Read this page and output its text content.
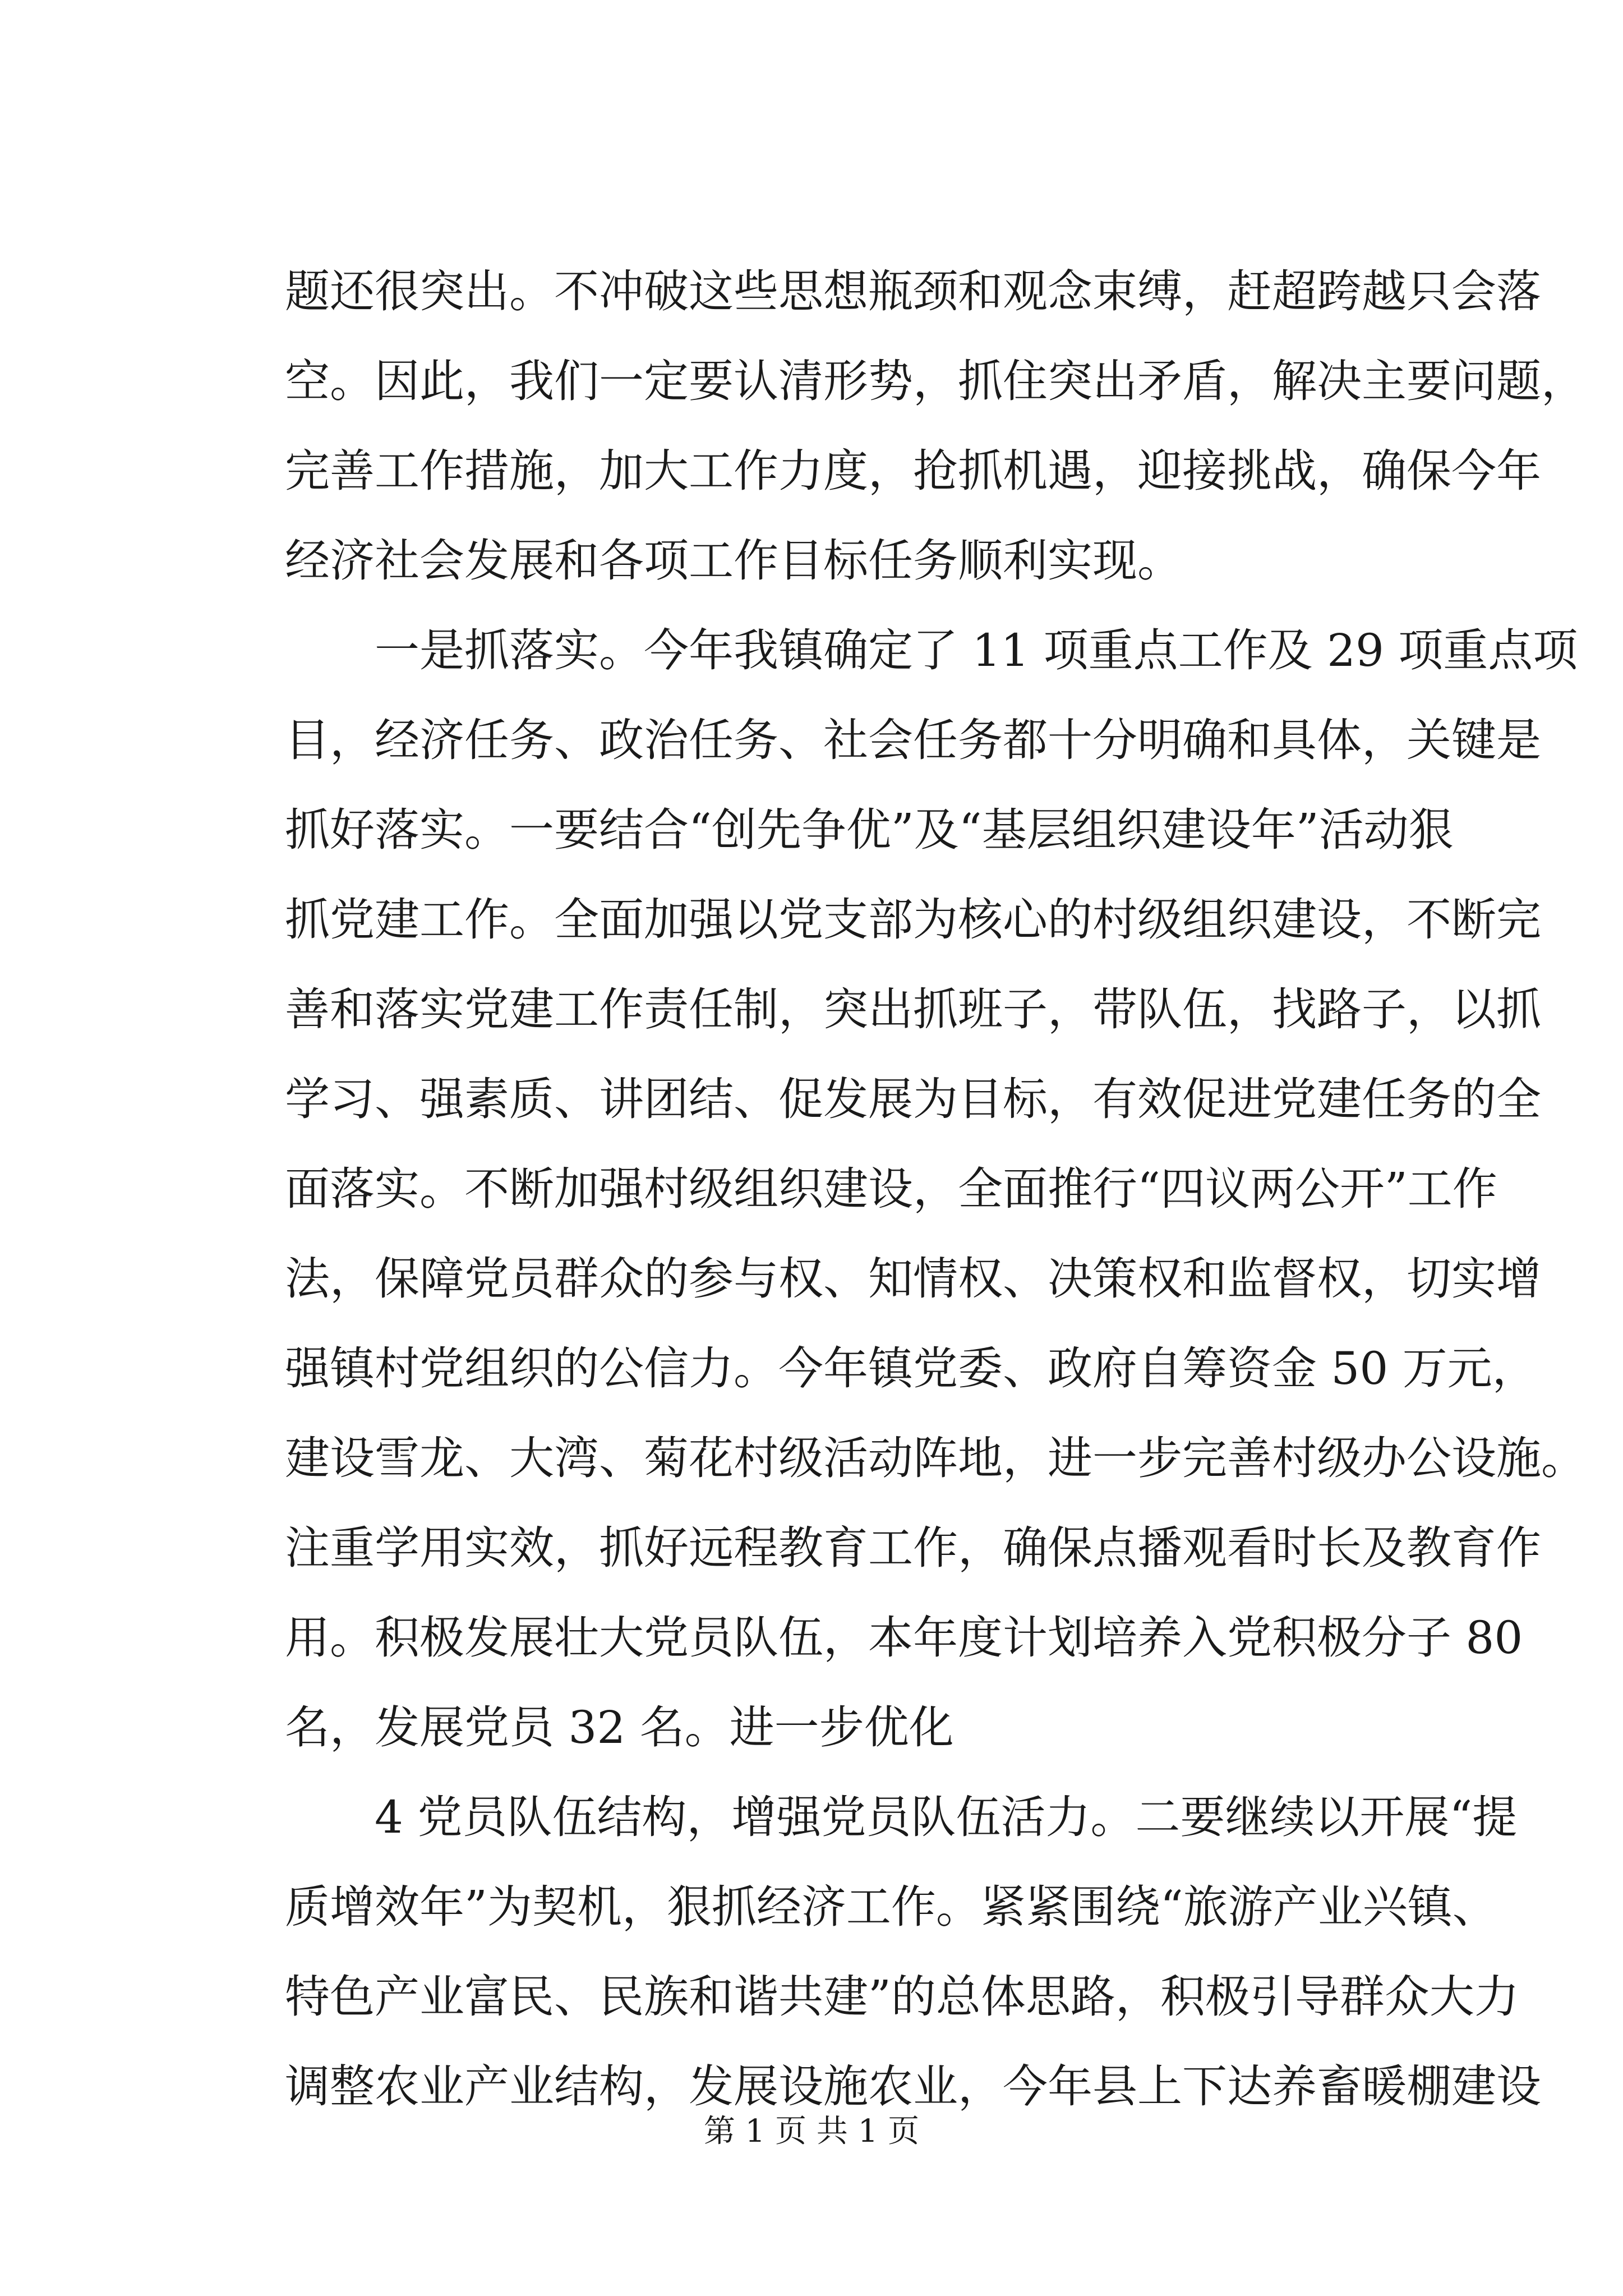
题还很突出。不冲破这些思想瓶颈和观念束缚，赶超跨越只会落
空。因此，我们一定要认清形势，抓住突出矛盾，解决主要问题，
完善工作措施，加大工作力度，抢抓机遇，迎接挑战，确保今年
经济社会发展和各项工作目标任务顺利实现。
一是抓落实。今年我镇确定了 11 项重点工作及 29 项重点项
目，经济任务、政治任务、社会任务都十分明确和具体，关键是
抓好落实。一要结合“创先争优”及“基层组织建设年”活动狠
抓党建工作。全面加强以党支部为核心的村级组织建设，不断完
善和落实党建工作责任制，突出抓班子，带队伍，找路子，以抓
学习、强素质、讲团结、促发展为目标，有效促进党建任务的全
面落实。不断加强村级组织建设，全面推行“四议两公开”工作
法，保障党员群众的参与权、知情权、决策权和监督权，切实增
强镇村党组织的公信力。今年镇党委、政府自筹资金 50 万元，
建设雪龙、大湾、菊花村级活动阵地，进一步完善村级办公设施。
注重学用实效，抓好远程教育工作，确保点播观看时长及教育作
用。积极发展壮大党员队伍，本年度计划培养入党积极分子 80
名，发展党员 32 名。进一步优化
4 党员队伍结构，增强党员队伍活力。二要继续以开展“提
质增效年”为契机，狠抓经济工作。紧紧围绕“旅游产业兴镇、
特色产业富民、民族和谐共建”的总体思路，积极引导群众大力
调整农业产业结构，发展设施农业，今年县上下达养畜暖棚建设
第 1 页 共 1 页
